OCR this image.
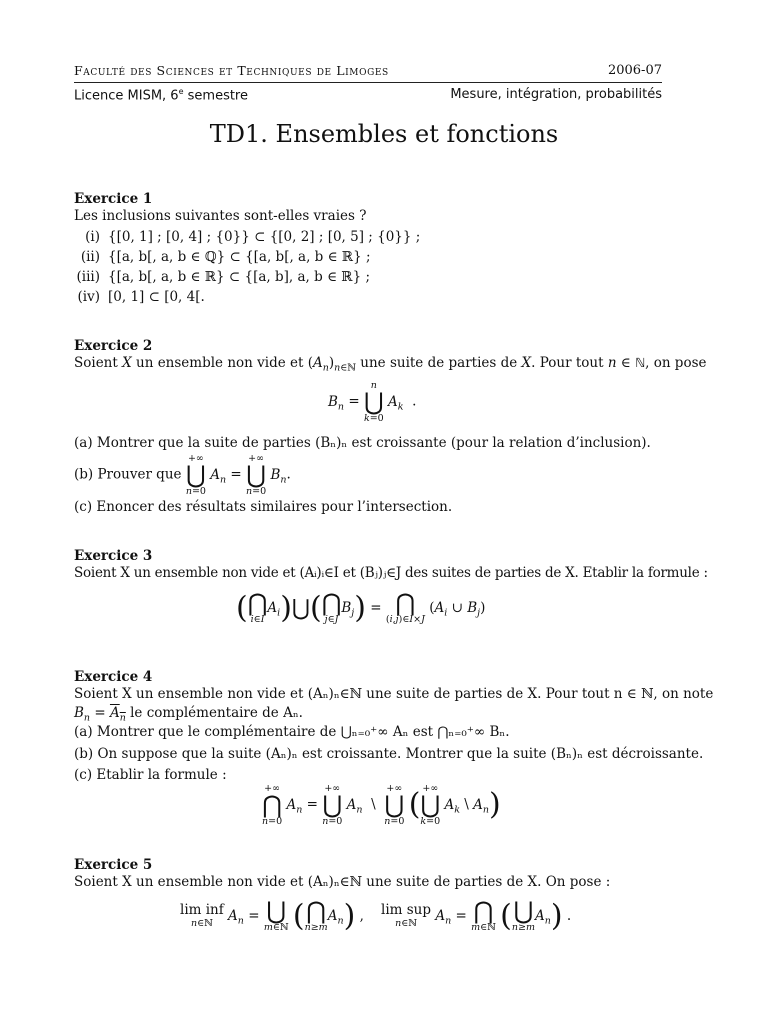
Faculté des Sciences et Techniques de Limoges	2006-07
Licence MISM, 6e semestre	Mesure, intégration, probabilités
TD1. Ensembles et fonctions
Exercice 1
Les inclusions suivantes sont-elles vraies ?
(i) {[0, 1] ; [0, 4] ; {0}} ⊂ {[0, 2] ; [0, 5] ; {0}} ;
(ii) {[a, b[, a, b ∈ ℚ} ⊂ {[a, b[, a, b ∈ ℝ} ;
(iii) {[a, b[, a, b ∈ ℝ} ⊂ {[a, b], a, b ∈ ℝ} ;
(iv) [0, 1] ⊂ [0, 4[.
Exercice 2
Soient X un ensemble non vide et $(A_n)_{n\in ℕ}$ une suite de parties de X. Pour tout n ∈ ℕ, on pose
$B_n$ =
n
⋃
k=0
$A_k$  .
(a) Montrer que la suite de parties (Bₙ)ₙ est croissante (pour la relation d’inclusion).
(b) Prouver que
+∞
⋃
n=0
$A_n$ =
+∞
⋃
n=0
$B_n$.
(c) Enoncer des résultats similaires pour l’intersection.
Exercice 3
Soient X un ensemble non vide et (Aᵢ)ᵢ∈I et (Bⱼ)ⱼ∈J des suites de parties de X. Etablir la formule :
( ⋂
i∈I
$A_i)⋃$( ⋂
j∈J
$B_j$) = ⋂
(i,j)∈I×J
($A_i$ ∪ $B_j$)
Exercice 4
Soient X un ensemble non vide et (Aₙ)ₙ∈ℕ une suite de parties de X. Pour tout n ∈ ℕ, on note
$B_n = A_n$ le complémentaire de Aₙ.
(a) Montrer que le complémentaire de ⋃ₙ₌₀⁺∞ Aₙ est ⋂ₙ₌₀⁺∞ Bₙ.
(b) On suppose que la suite (Aₙ)ₙ est croissante. Montrer que la suite (Bₙ)ₙ est décroissante.
(c) Etablir la formule :
+∞
⋂
n=0
$A_n$ =
+∞
⋃
n=0
$A_n$  \
+∞
⋃
n=0 ( +∞
⋃
k=0
$A_k$ \ $A_n$)
Exercice 5
Soient X un ensemble non vide et (Aₙ)ₙ∈ℕ une suite de parties de X. On pose :
lim inf
n∈ℕ	$A_n$ = ⋃
m∈ℕ ( ⋂
n≥m
$A_n$) , lim sup
n∈ℕ	$A_n$ = ⋂
m∈ℕ ( ⋃
n≥m
$A_n$) .
